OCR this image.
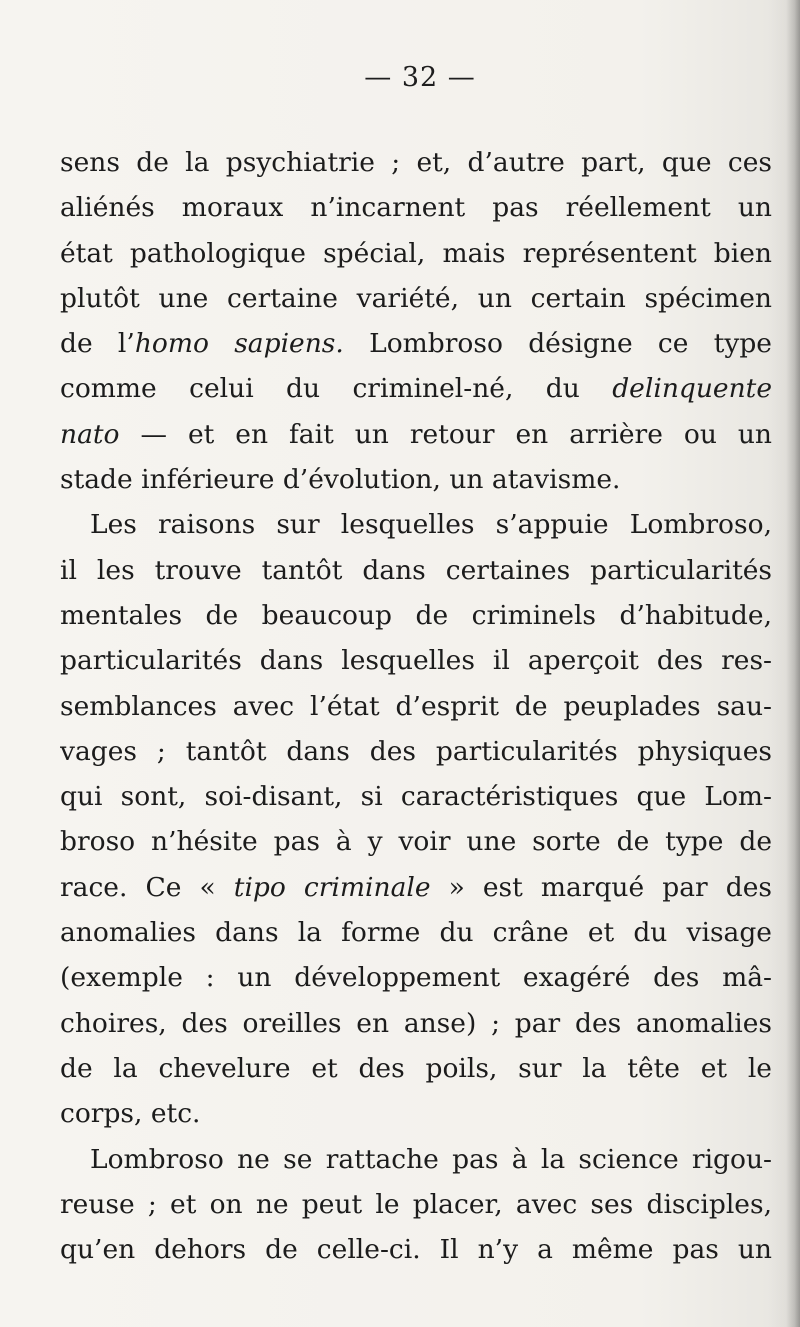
— 32 —
sens de la psychiatrie ; et, d’autre part, que ces
aliénés moraux n’incarnent pas réellement un
état pathologique spécial, mais représentent bien
plutôt une certaine variété, un certain spécimen
de l’homo sapiens. Lombroso désigne ce type
comme celui du criminel-né, du delinquente
nato — et en fait un retour en arrière ou un
stade inférieure d’évolution, un atavisme.
Les raisons sur lesquelles s’appuie Lombroso,
il les trouve tantôt dans certaines particularités
mentales de beaucoup de criminels d’habitude,
particularités dans lesquelles il aperçoit des res-
semblances avec l’état d’esprit de peuplades sau-
vages ; tantôt dans des particularités physiques
qui sont, soi-disant, si caractéristiques que Lom-
broso n’hésite pas à y voir une sorte de type de
race. Ce « tipo criminale » est marqué par des
anomalies dans la forme du crâne et du visage
(exemple : un développement exagéré des mâ-
choires, des oreilles en anse) ; par des anomalies
de la chevelure et des poils, sur la tête et le
corps, etc.
Lombroso ne se rattache pas à la science rigou-
reuse ; et on ne peut le placer, avec ses disciples,
qu’en dehors de celle-ci. Il n’y a même pas un
